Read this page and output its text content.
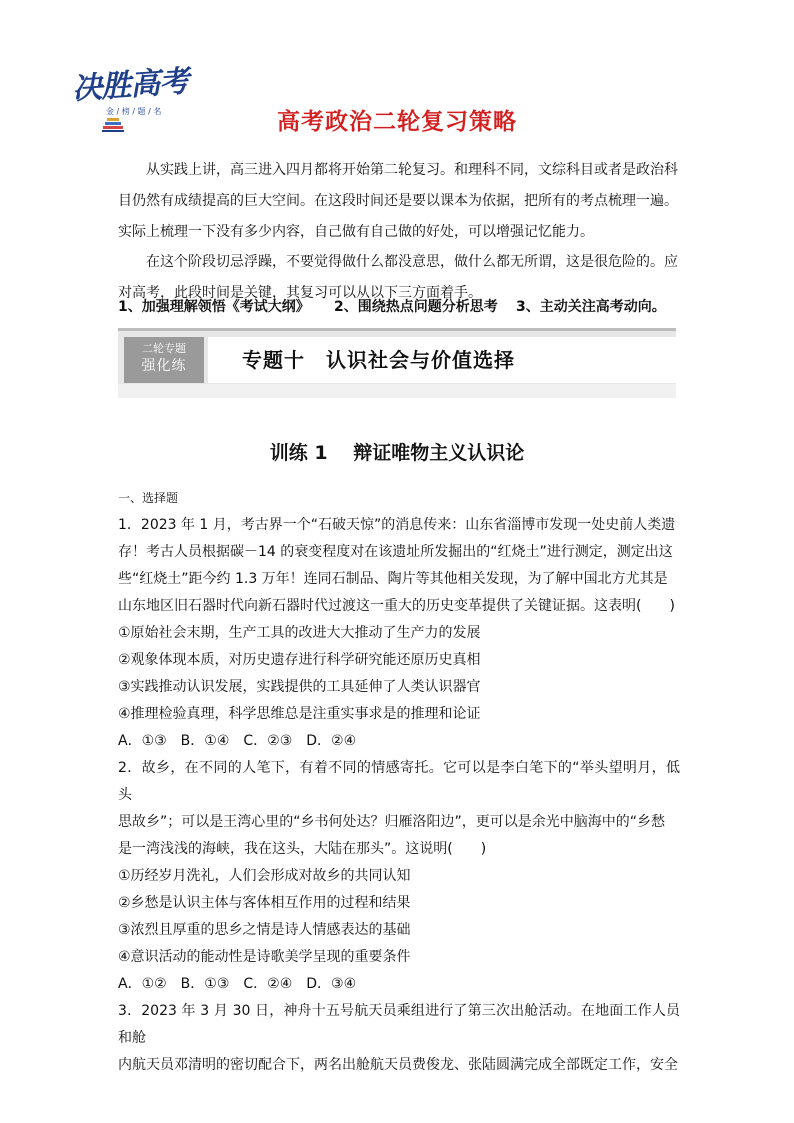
决胜高考
金 / 榜 / 题 / 名	高考政治二轮复习策略

从实践上讲，高三进入四月都将开始第二轮复习。和理科不同，文综科目或者是政治科目仍然有成绩提高的巨大空间。在这段时间还是要以课本为依据，把所有的考点梳理一遍。实际上梳理一下没有多少内容，自己做有自己做的好处，可以增强记忆能力。

在这个阶段切忌浮躁，不要觉得做什么都没意思，做什么都无所谓，这是很危险的。应对高考，此段时间是关键，其复习可以从以下三方面着手。

1、加强理解领悟《考试大纲》 2、围绕热点问题分析思考 3、主动关注高考动向。
二轮专题
强化练	专题十　认识社会与价值选择
训练 1　 辩证唯物主义认识论
一、选择题

1．2023 年 1 月，考古界一个“石破天惊”的消息传来：山东省淄博市发现一处史前人类遗

存！考古人员根据碳－14 的衰变程度对在该遗址所发掘出的“红烧土”进行测定，测定出这

些“红烧土”距今约 1.3 万年！连同石制品、陶片等其他相关发现，为了解中国北方尤其是

山东地区旧石器时代向新石器时代过渡这一重大的历史变革提供了关键证据。这表明(　　)

①原始社会末期，生产工具的改进大大推动了生产力的发展

②观象体现本质，对历史遗存进行科学研究能还原历史真相

③实践推动认识发展，实践提供的工具延伸了人类认识器官

④推理检验真理，科学思维总是注重实事求是的推理和论证

A．①③　B．①④　C．②③　D．②④

2．故乡，在不同的人笔下，有着不同的情感寄托。它可以是李白笔下的“举头望明月，低头

思故乡”；可以是王湾心里的“乡书何处达？归雁洛阳边”，更可以是余光中脑海中的“乡愁

是一湾浅浅的海峡，我在这头，大陆在那头”。这说明(　　)

①历经岁月洗礼，人们会形成对故乡的共同认知

②乡愁是认识主体与客体相互作用的过程和结果

③浓烈且厚重的思乡之情是诗人情感表达的基础

④意识活动的能动性是诗歌美学呈现的重要条件

A．①②　B．①③　C．②④　D．③④

3．2023 年 3 月 30 日，神舟十五号航天员乘组进行了第三次出舱活动。在地面工作人员和舱

内航天员邓清明的密切配合下，两名出舱航天员费俊龙、张陆圆满完成全部既定工作，安全
